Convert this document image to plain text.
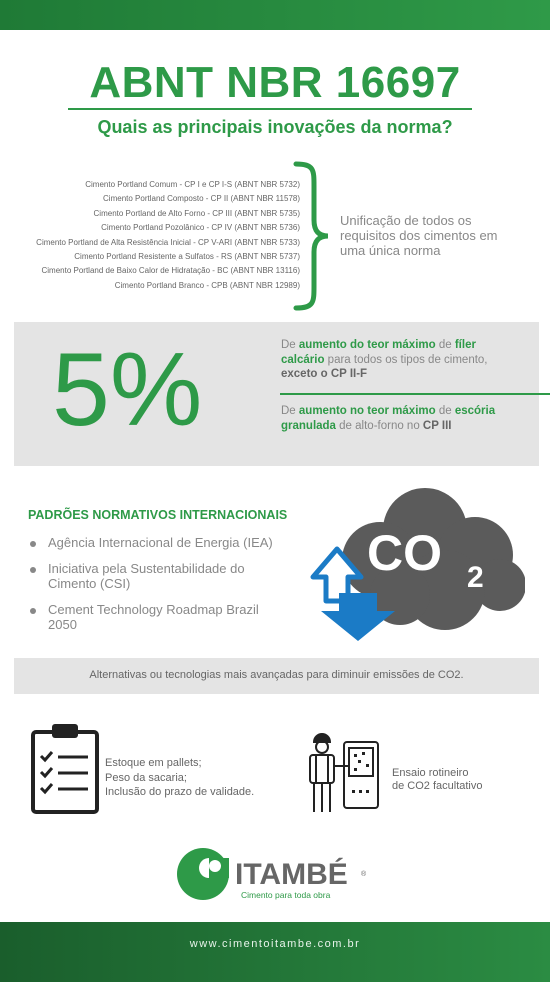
ABNT NBR 16697
Quais as principais inovações da norma?
Cimento Portland Comum - CP I e CP I-S (ABNT NBR 5732)
Cimento Portland Composto - CP II (ABNT NBR 11578)
Cimento Portland de Alto Forno - CP III (ABNT NBR 5735)
Cimento Portland Pozolânico - CP IV (ABNT NBR 5736)
Cimento Portland de Alta Resistência Inicial - CP V-ARI (ABNT NBR 5733)
Cimento Portland Resistente a Sulfatos - RS (ABNT NBR 5737)
Cimento Portland de Baixo Calor de Hidratação - BC (ABNT NBR 13116)
Cimento Portland Branco - CPB (ABNT NBR 12989)
Unificação de todos os requisitos dos cimentos em uma única norma
5%	De aumento do teor máximo de fíler calcário para todos os tipos de cimento, exceto o CP II-F
De aumento no teor máximo de escória granulada de alto-forno no CP III
PADRÕES NORMATIVOS INTERNACIONAIS
Agência Internacional de Energia (IEA)
Iniciativa pela Sustentabilidade do Cimento (CSI)
Cement Technology Roadmap Brazil 2050
CO 2
Alternativas ou tecnologias mais avançadas para diminuir emissões de CO2.
Estoque em pallets;
Peso da sacaria;
Inclusão do prazo de validade.
Ensaio rotineiro
de CO2 facultativo
ITAMBÉ ®
Cimento para toda obra
www.cimentoitambe.com.br
